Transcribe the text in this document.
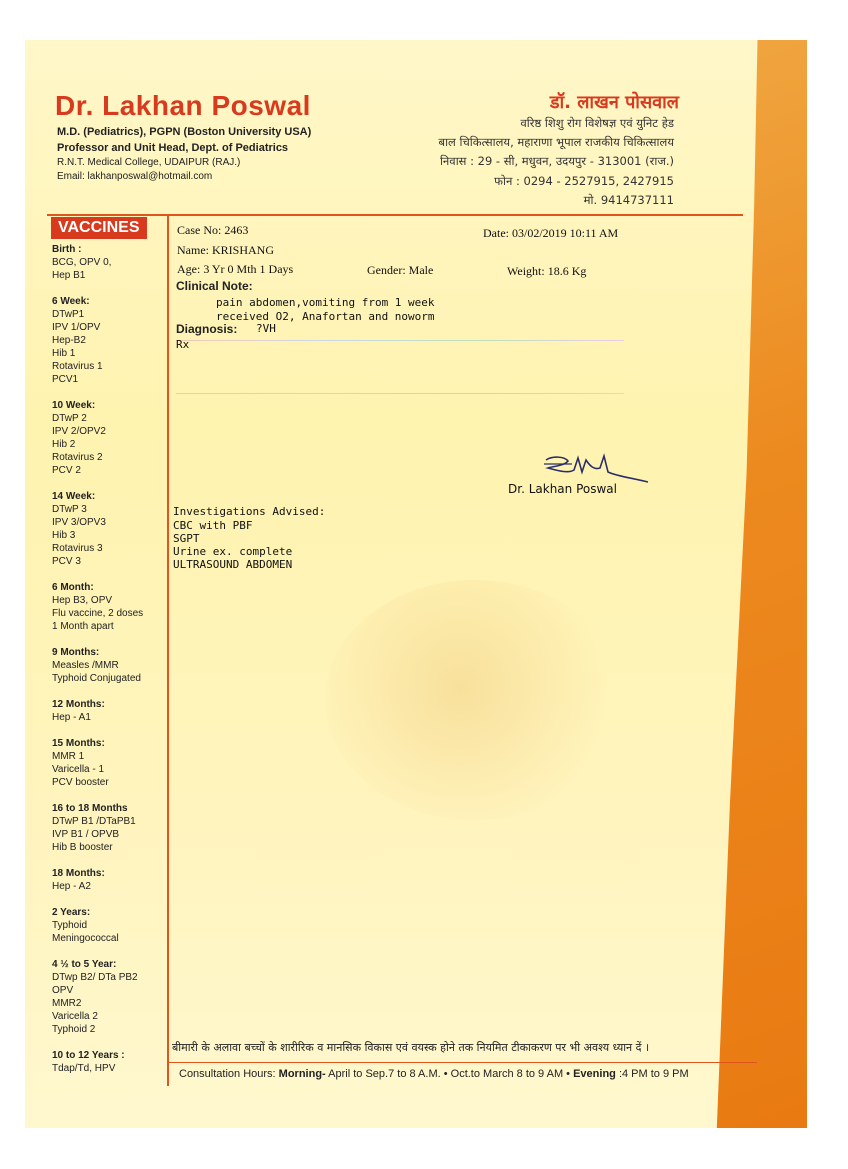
Dr. Lakhan Poswal
M.D. (Pediatrics), PGPN (Boston University USA)
Professor and Unit Head, Dept. of Pediatrics
R.N.T. Medical College, UDAIPUR (RAJ.)
Email: lakhanposwal@hotmail.com
डॉ. लाखन पोसवाल
वरिष्ठ शिशु रोग विशेषज्ञ एवं युनिट हेड
बाल चिकित्सालय, महाराणा भूपाल राजकीय चिकित्सालय
निवास : 29 - सी, मधुवन, उदयपुर - 313001 (राज.)
फोन : 0294 - 2527915, 2427915
मो. 9414737111
VACCINES
Birth :
BCG, OPV 0,
Hep B1
6 Week:
DTwP1
IPV 1/OPV
Hep-B2
Hib 1
Rotavirus 1
PCV1
10 Week:
DTwP 2
IPV 2/OPV2
Hib 2
Rotavirus 2
PCV 2
14 Week:
DTwP 3
IPV 3/OPV3
Hib 3
Rotavirus 3
PCV 3
6 Month:
Hep B3, OPV
Flu vaccine, 2 doses
1 Month apart
9 Months:
Measles /MMR
Typhoid Conjugated
12 Months:
Hep - A1
15 Months:
MMR 1
Varicella - 1
PCV booster
16 to 18 Months
DTwP B1 /DTaPB1
IVP B1 / OPVB
Hib B booster
18 Months:
Hep - A2
2 Years:
Typhoid
Meningococcal
4 ½ to 5 Year:
DTwp B2/ DTa PB2
OPV
MMR2
Varicella 2
Typhoid 2
10 to 12 Years :
Tdap/Td, HPV
Case No: 2463	Date: 03/02/2019 10:11 AM
Name: KRISHANG
Age: 3 Yr 0 Mth 1 Days	Gender: Male	Weight: 18.6 Kg
Clinical Note:
pain abdomen,vomiting from 1 week
received O2, Anafortan and noworm
Diagnosis: ?VH
Rx
Dr. Lakhan Poswal
Investigations Advised:
CBC with PBF
SGPT
Urine ex. complete
ULTRASOUND ABDOMEN
बीमारी के अलावा बच्चों के शारीरिक व मानसिक विकास एवं वयस्क होने तक नियमित टीकाकरण पर भी अवश्य ध्यान दें ।
Consultation Hours: Morning- April to Sep.7 to 8 A.M. • Oct.to March 8 to 9 AM • Evening :4 PM to 9 PM
